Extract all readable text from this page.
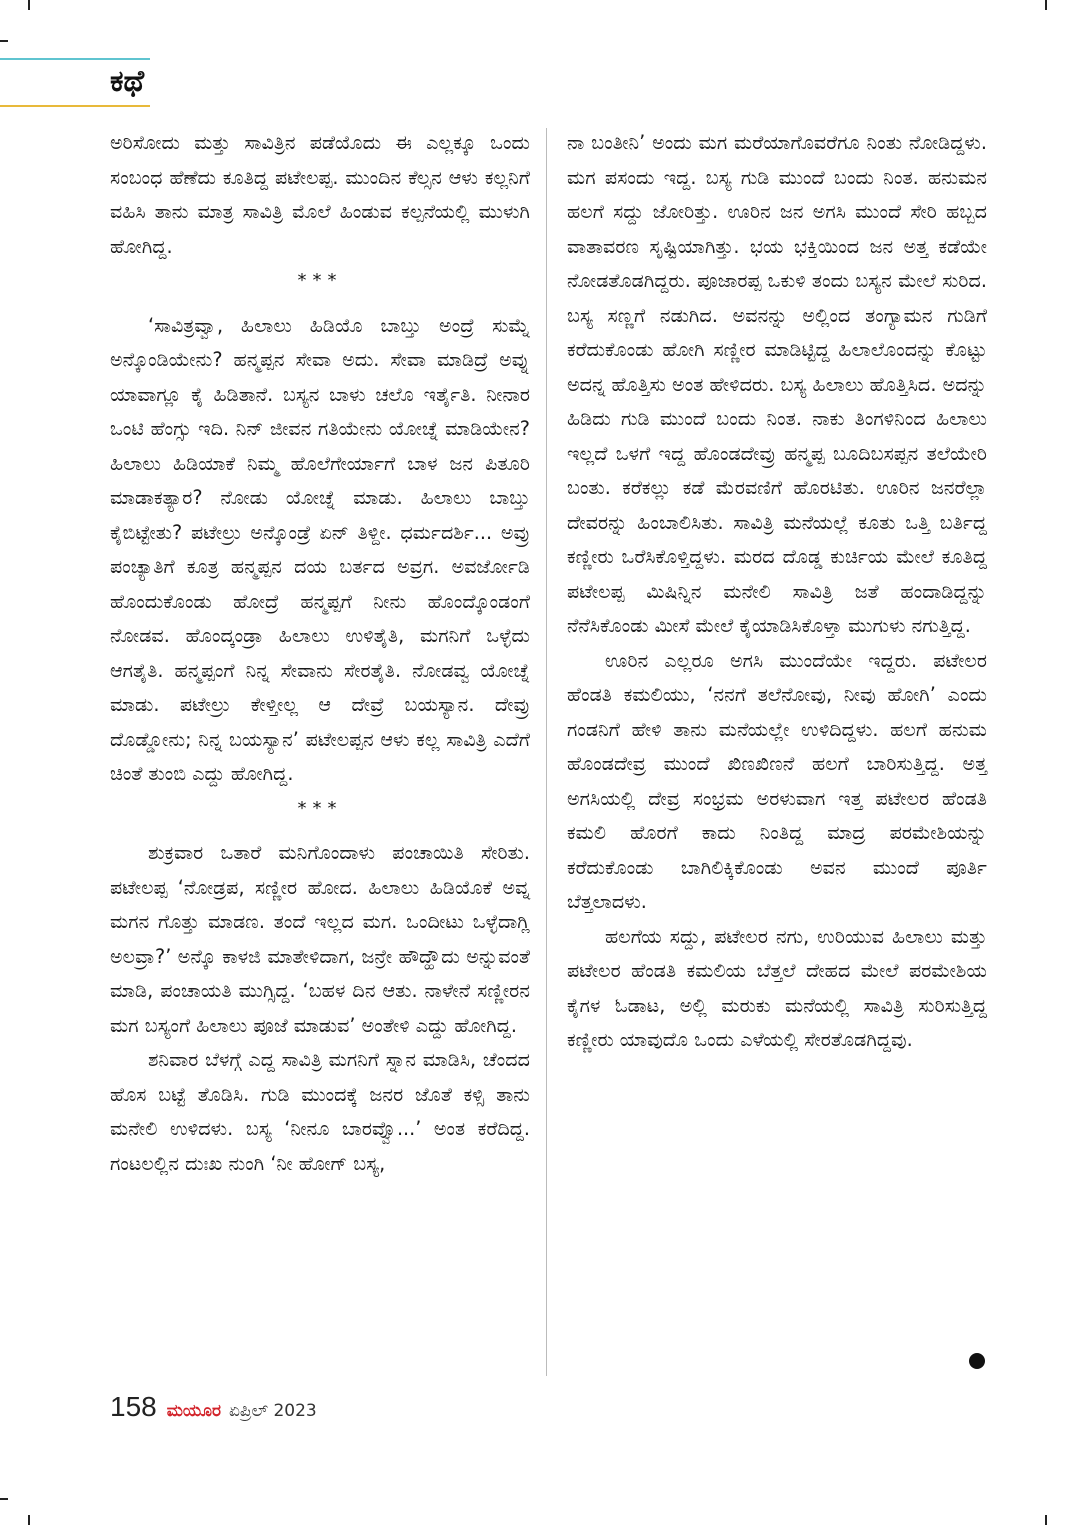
ಕಥೆ

ಅರಿಸೋದು ಮತ್ತು ಸಾವಿತ್ರಿನ ಪಡೆಯೊದು ಈ ಎಲ್ಲಕ್ಕೂ ಒಂದು ಸಂಬಂಧ ಹೆಣೆದು ಕೂತಿದ್ದ ಪಟೇಲಪ್ಪ. ಮುಂದಿನ ಕೆಲ್ಸನ ಆಳು ಕಲ್ಲನಿಗೆ ವಹಿಸಿ ತಾನು ಮಾತ್ರ ಸಾವಿತ್ರಿ ಮೊಲೆ ಹಿಂಡುವ ಕಲ್ಪನೆಯಲ್ಲಿ ಮುಳುಗಿ ಹೋಗಿದ್ದ.

***

‘ಸಾವಿತ್ರವ್ವಾ, ಹಿಲಾಲು ಹಿಡಿಯೊ ಬಾಬ್ತು ಅಂದ್ರೆ ಸುಮ್ನೆ ಅನ್ಕೊಂಡಿಯೇನು? ಹನ್ಮಪ್ಪನ ಸೇವಾ ಅದು. ಸೇವಾ ಮಾಡಿದ್ರೆ ಅವ್ನು ಯಾವಾಗ್ಲೂ ಕೈ ಹಿಡಿತಾನೆ. ಬಸ್ಯನ ಬಾಳು ಚಲೊ ಇರ್ತೈತಿ. ನೀನಾರ ಒಂಟಿ ಹೆಂಗ್ಸು ಇದಿ. ನಿನ್ ಜೀವನ ಗತಿಯೇನು ಯೋಚ್ನೆ ಮಾಡಿಯೇನ? ಹಿಲಾಲು ಹಿಡಿಯಾಕೆ ನಿಮ್ಮ ಹೊಲೆಗೇರ್ಯಾಗೆ ಬಾಳ ಜನ ಪಿತೂರಿ ಮಾಡಾಕತ್ಯಾರ? ನೋಡು ಯೋಚ್ನೆ ಮಾಡು. ಹಿಲಾಲು ಬಾಬ್ತು ಕೈಬಿಟ್ಟೇತು? ಪಟೇಲ್ರು ಅನ್ಕೊಂಡ್ರೆ ಏನ್ ತಿಳ್ದೀ. ಧರ್ಮದರ್ಶಿ... ಅವ್ರು ಪಂಚ್ಯಾತಿಗೆ ಕೂತ್ರ ಹನ್ಮಪ್ಪನ ದಯ ಬರ್ತದ ಅವ್ರಗ. ಅವರ್ಜೋಡಿ ಹೊಂದುಕೊಂಡು ಹೋದ್ರೆ ಹನ್ಮಪ್ಪಗೆ ನೀನು ಹೊಂದ್ಕೊಂಡಂಗೆ ನೋಡವ. ಹೊಂದ್ಕಂಡ್ರಾ ಹಿಲಾಲು ಉಳಿತೈತಿ, ಮಗನಿಗೆ ಒಳ್ಳೆದು ಆಗತೈತಿ. ಹನ್ಮಪ್ಪಂಗೆ ನಿನ್ನ ಸೇವಾನು ಸೇರತೈತಿ. ನೋಡವ್ವ ಯೋಚ್ನೆ ಮಾಡು. ಪಟೇಲ್ರು ಕೇಳ್ತೀಲ್ಲ ಆ ದೇವ್ರೆ ಬಯಸ್ಯಾನ. ದೇವ್ರು ದೊಡ್ಡೋನು; ನಿನ್ನ ಬಯಸ್ಯಾನ’ ಪಟೇಲಪ್ಪನ ಆಳು ಕಲ್ಲ ಸಾವಿತ್ರಿ ಎದೆಗೆ ಚಿಂತೆ ತುಂಬಿ ಎದ್ದು ಹೋಗಿದ್ದ.

***

ಶುಕ್ರವಾರ ಒತಾರೆ ಮನಿಗೊಂದಾಳು ಪಂಚಾಯಿತಿ ಸೇರಿತು. ಪಟೇಲಪ್ಪ ‘ನೋಡ್ರಪ, ಸಣ್ಣೀರ ಹೋದ. ಹಿಲಾಲು ಹಿಡಿಯೊಕೆ ಅವ್ನ ಮಗನ ಗೊತ್ತು ಮಾಡಣ. ತಂದೆ ಇಲ್ಲದ ಮಗ. ಒಂದೀಟು ಒಳ್ಳೆದಾಗ್ಲಿ ಅಲವ್ರಾ?’ ಅನ್ಕೊ ಕಾಳಜಿ ಮಾತೇಳಿದಾಗ, ಜನ್ರೇ ಹೌದ್ಹೌದು ಅನ್ನುವಂತೆ ಮಾಡಿ, ಪಂಚಾಯತಿ ಮುಗ್ಸಿದ್ದ. ‘ಬಹಳ ದಿನ ಆತು. ನಾಳೇನೆ ಸಣ್ಣೀರನ ಮಗ ಬಸ್ಯಂಗೆ ಹಿಲಾಲು ಪೂಜೆ ಮಾಡುವ’ ಅಂತೇಳಿ ಎದ್ದು ಹೋಗಿದ್ದ.

ಶನಿವಾರ ಬೆಳಗ್ಗೆ ಎದ್ದ ಸಾವಿತ್ರಿ ಮಗನಿಗೆ ಸ್ನಾನ ಮಾಡಿಸಿ, ಚೆಂದದ ಹೊಸ ಬಟ್ಟೆ ತೊಡಿಸಿ. ಗುಡಿ ಮುಂದಕ್ಕೆ ಜನರ ಜೊತೆ ಕಳ್ಸಿ ತಾನು ಮನೇಲಿ ಉಳಿದಳು. ಬಸ್ಯ ‘ನೀನೂ ಬಾರವ್ವೊ...’ ಅಂತ ಕರೆದಿದ್ದ. ಗಂಟಲಲ್ಲಿನ ದುಃಖ ನುಂಗಿ ‘ನೀ ಹೋಗ್ ಬಸ್ಯ,

ನಾ ಬಂತೀನಿ’ ಅಂದು ಮಗ ಮರೆಯಾಗೊವರೆಗೂ ನಿಂತು ನೋಡಿದ್ದಳು. ಮಗ ಪಸಂದು ಇದ್ದ. ಬಸ್ಯ ಗುಡಿ ಮುಂದೆ ಬಂದು ನಿಂತ. ಹನುಮನ ಹಲಗೆ ಸದ್ದು ಜೋರಿತ್ತು. ಊರಿನ ಜನ ಅಗಸಿ ಮುಂದೆ ಸೇರಿ ಹಬ್ಬದ ವಾತಾವರಣ ಸೃಷ್ಟಿಯಾಗಿತ್ತು. ಭಯ ಭಕ್ತಿಯಿಂದ ಜನ ಅತ್ತ ಕಡೆಯೇ ನೋಡತೊಡಗಿದ್ದರು. ಪೂಜಾರಪ್ಪ ಒಕುಳಿ ತಂದು ಬಸ್ಯನ ಮೇಲೆ ಸುರಿದ. ಬಸ್ಯ ಸಣ್ಣಗೆ ನಡುಗಿದ. ಅವನನ್ನು ಅಲ್ಲಿಂದ ತಂಗ್ಯಾಮನ ಗುಡಿಗೆ ಕರೆದುಕೊಂಡು ಹೋಗಿ ಸಣ್ಣೀರ ಮಾಡಿಟ್ಟಿದ್ದ ಹಿಲಾಲೊಂದನ್ನು ಕೊಟ್ಟು ಅದನ್ನ ಹೊತ್ತಿಸು ಅಂತ ಹೇಳಿದರು. ಬಸ್ಯ ಹಿಲಾಲು ಹೊತ್ತಿಸಿದ. ಅದನ್ನು ಹಿಡಿದು ಗುಡಿ ಮುಂದೆ ಬಂದು ನಿಂತ. ನಾಕು ತಿಂಗಳಿನಿಂದ ಹಿಲಾಲು ಇಲ್ಲದೆ ಒಳಗೆ ಇದ್ದ ಹೊಂಡದೇವ್ರು ಹನ್ಮಪ್ಪ ಬೂದಿಬಸಪ್ಪನ ತಲೆಯೇರಿ ಬಂತು. ಕರೆಕಲ್ಲು ಕಡೆ ಮೆರವಣಿಗೆ ಹೊರಟಿತು. ಊರಿನ ಜನರೆಲ್ಲಾ ದೇವರನ್ನು ಹಿಂಬಾಲಿಸಿತು. ಸಾವಿತ್ರಿ ಮನೆಯಲ್ಲೆ ಕೂತು ಒತ್ತಿ ಬರ್ತಿದ್ದ ಕಣ್ಣೀರು ಒರೆಸಿಕೊಳ್ತಿದ್ದಳು. ಮರದ ದೊಡ್ಡ ಕುರ್ಚಿಯ ಮೇಲೆ ಕೂತಿದ್ದ ಪಟೇಲಪ್ಪ ಮಿಷಿನ್ನಿನ ಮನೇಲಿ ಸಾವಿತ್ರಿ ಜತೆ ಹಂದಾಡಿದ್ದನ್ನು ನೆನೆಸಿಕೊಂಡು ಮೀಸೆ ಮೇಲೆ ಕೈಯಾಡಿಸಿಕೊಳ್ತಾ ಮುಗುಳು ನಗುತ್ತಿದ್ದ.

ಊರಿನ ಎಲ್ಲರೂ ಅಗಸಿ ಮುಂದೆಯೇ ಇದ್ದರು. ಪಟೇಲರ ಹೆಂಡತಿ ಕಮಲಿಯು, ‘ನನಗೆ ತಲೆನೋವು, ನೀವು ಹೋಗಿ’ ಎಂದು ಗಂಡನಿಗೆ ಹೇಳಿ ತಾನು ಮನೆಯಲ್ಲೇ ಉಳಿದಿದ್ದಳು. ಹಲಗೆ ಹನುಮ ಹೊಂಡದೇವ್ರ ಮುಂದೆ ಖಿಣಖಿಣನೆ ಹಲಗೆ ಬಾರಿಸುತ್ತಿದ್ದ. ಅತ್ತ ಅಗಸಿಯಲ್ಲಿ ದೇವ್ರ ಸಂಭ್ರಮ ಅರಳುವಾಗ ಇತ್ತ ಪಟೇಲರ ಹೆಂಡತಿ ಕಮಲಿ ಹೊರಗೆ ಕಾದು ನಿಂತಿದ್ದ ಮಾದ್ರ ಪರಮೇಶಿಯನ್ನು ಕರೆದುಕೊಂಡು ಬಾಗಿಲಿಕ್ಕಿಕೊಂಡು ಅವನ ಮುಂದೆ ಪೂರ್ತಿ ಬೆತ್ತಲಾದಳು.

ಹಲಗೆಯ ಸದ್ದು, ಪಟೇಲರ ನಗು, ಉರಿಯುವ ಹಿಲಾಲು ಮತ್ತು ಪಟೇಲರ ಹೆಂಡತಿ ಕಮಲಿಯ ಬೆತ್ತಲೆ ದೇಹದ ಮೇಲೆ ಪರಮೇಶಿಯ ಕೈಗಳ ಓಡಾಟ, ಅಲ್ಲಿ ಮರುಕು ಮನೆಯಲ್ಲಿ ಸಾವಿತ್ರಿ ಸುರಿಸುತ್ತಿದ್ದ ಕಣ್ಣೀರು ಯಾವುದೊ ಒಂದು ಎಳೆಯಲ್ಲಿ ಸೇರತೊಡಗಿದ್ದವು.

158 ಮಯೂರ ಏಪ್ರಿಲ್ 2023
